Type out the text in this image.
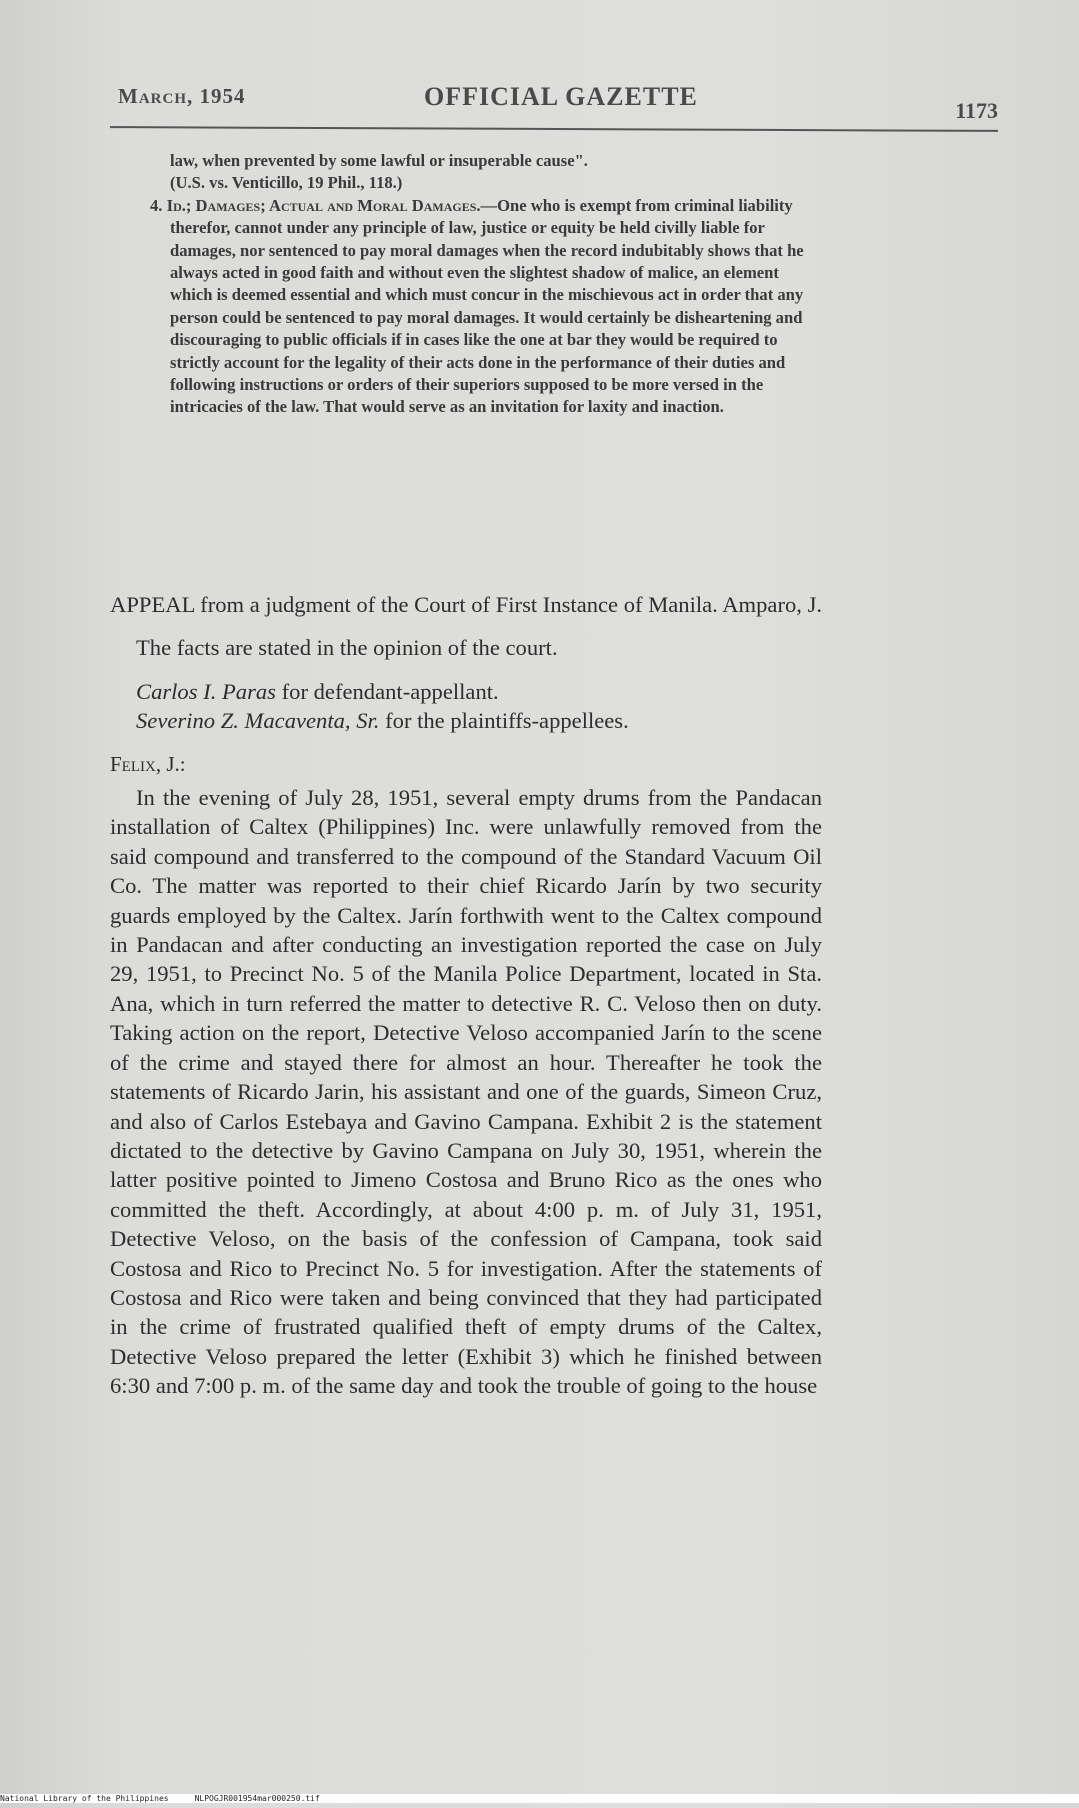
March, 1954	OFFICIAL GAZETTE	1173

law, when prevented by some lawful or insuperable cause".
(U.S. vs. Venticillo, 19 Phil., 118.)

4. Id.; Damages; Actual and Moral Damages.—One who is exempt from criminal liability therefor, cannot under any principle of law, justice or equity be held civilly liable for damages, nor sentenced to pay moral damages when the record indubitably shows that he always acted in good faith and without even the slightest shadow of malice, an element which is deemed essential and which must concur in the mischievous act in order that any person could be sentenced to pay moral damages. It would certainly be disheartening and discouraging to public officials if in cases like the one at bar they would be required to strictly account for the legality of their acts done in the performance of their duties and following instructions or orders of their superiors supposed to be more versed in the intricacies of the law. That would serve as an invitation for laxity and inaction.

APPEAL from a judgment of the Court of First Instance of Manila. Amparo, J.

The facts are stated in the opinion of the court.

Carlos I. Paras for defendant-appellant.

Severino Z. Macaventa, Sr. for the plaintiffs-appellees.

Felix, J.:

In the evening of July 28, 1951, several empty drums from the Pandacan installation of Caltex (Philippines) Inc. were unlawfully removed from the said compound and transferred to the compound of the Standard Vacuum Oil Co. The matter was reported to their chief Ricardo Jarín by two security guards employed by the Caltex. Jarín forthwith went to the Caltex compound in Pandacan and after conducting an investigation reported the case on July 29, 1951, to Precinct No. 5 of the Manila Police Department, located in Sta. Ana, which in turn referred the matter to detective R. C. Veloso then on duty. Taking action on the report, Detective Veloso accompanied Jarín to the scene of the crime and stayed there for almost an hour. Thereafter he took the statements of Ricardo Jarin, his assistant and one of the guards, Simeon Cruz, and also of Carlos Estebaya and Gavino Campana. Exhibit 2 is the statement dictated to the detective by Gavino Campana on July 30, 1951, wherein the latter positive pointed to Jimeno Costosa and Bruno Rico as the ones who committed the theft. Accordingly, at about 4:00 p. m. of July 31, 1951, Detective Veloso, on the basis of the confession of Campana, took said Costosa and Rico to Precinct No. 5 for investigation. After the statements of Costosa and Rico were taken and being convinced that they had participated in the crime of frustrated qualified theft of empty drums of the Caltex, Detective Veloso prepared the letter (Exhibit 3) which he finished between 6:30 and 7:00 p. m. of the same day and took the trouble of going to the house

National Library of the Philippines	NLPOGJR001954mar000250.tif
